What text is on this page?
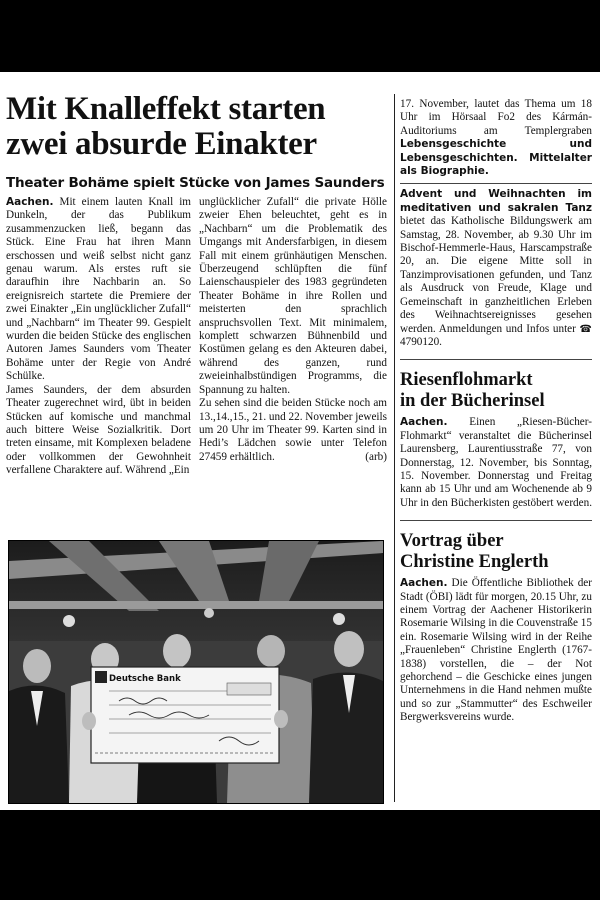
Mit Knalleffekt starten
zwei absurde Einakter
Theater Bohäme spielt Stücke von James Saunders

Aachen. Mit einem lauten Knall im Dunkeln, der das Publikum zusammenzucken ließ, begann das Stück. Eine Frau hat ihren Mann erschossen und weiß selbst nicht ganz genau warum. Als erstes ruft sie daraufhin ihre Nachbarin an. So ereignisreich startete die Premiere der zwei Einakter „Ein unglücklicher Zufall“ und „Nachbarn“ im Theater 99. Gespielt wurden die beiden Stücke des englischen Autoren James Saunders vom Theater Bohäme unter der Regie von André Schülke.

James Saunders, der dem absurden Theater zugerechnet wird, übt in beiden Stücken auf komische und manchmal auch bittere Weise Sozialkritik. Dort treten einsame, mit Komplexen beladene oder vollkommen der Gewohnheit verfallene Charaktere auf. Während „Ein

unglücklicher Zufall“ die private Hölle zweier Ehen beleuchtet, geht es in „Nachbarn“ um die Problematik des Umgangs mit Andersfarbigen, in diesem Fall mit einem grünhäutigen Menschen. Überzeugend schlüpften die fünf Laienschauspieler des 1983 gegründeten Theater Bohäme in ihre Rollen und meisterten den sprachlich anspruchsvollen Text. Mit minimalem, komplett schwarzen Bühnenbild und Kostümen gelang es den Akteuren dabei, während des ganzen, rund zweieinhalbstündigen Programms, die Spannung zu halten.

Zu sehen sind die beiden Stücke noch am 13.,14.,15., 21. und 22. November jeweils um 20 Uhr im Theater 99. Karten sind in Hedi’s Lädchen sowie unter Telefon 27459 erhältlich.	(arb)

17. November, lautet das Thema um 18 Uhr im Hörsaal Fo2 des Kármán-Auditoriums am Templergraben Lebensgeschichte und Lebensgeschichten. Mittelalter als Biographie.

Advent und Weihnachten im meditativen und sakralen Tanz bietet das Katholische Bildungswerk am Samstag, 28. November, ab 9.30 Uhr im Bischof-Hemmerle-Haus, Harscampstraße 20, an. Die eigene Mitte soll in Tanzimprovisationen gefunden, und Tanz als Ausdruck von Freude, Klage und Gemeinschaft in ganzheitlichen Erleben des Weihnachtsereignisses gesehen werden. Anmeldungen und Infos unter ☎ 4790120.

Riesenflohmarkt
in der Bücherinsel

Aachen. Einen „Riesen-Bücher-Flohmarkt“ veranstaltet die Bücherinsel Laurensberg, Laurentiusstraße 77, von Donnerstag, 12. November, bis Sonntag, 15. November. Donnerstag und Freitag kann ab 15 Uhr und am Wochenende ab 9 Uhr in den Bücherkisten gestöbert werden.

Vortrag über
Christine Englerth

Aachen. Die Öffentliche Bibliothek der Stadt (ÖBI) lädt für morgen, 20.15 Uhr, zu einem Vortrag der Aachener Historikerin Rosemarie Wilsing in die Couvenstraße 15 ein. Rosemarie Wilsing wird in der Reihe „Frauenleben“ Christine Englerth (1767-1838) vorstellen, die – der Not gehorchend – die Geschicke eines jungen Unternehmens in die Hand nehmen mußte und so zur „Stammutter“ des Eschweiler Bergwerksvereins wurde.

Deutsche Bank
